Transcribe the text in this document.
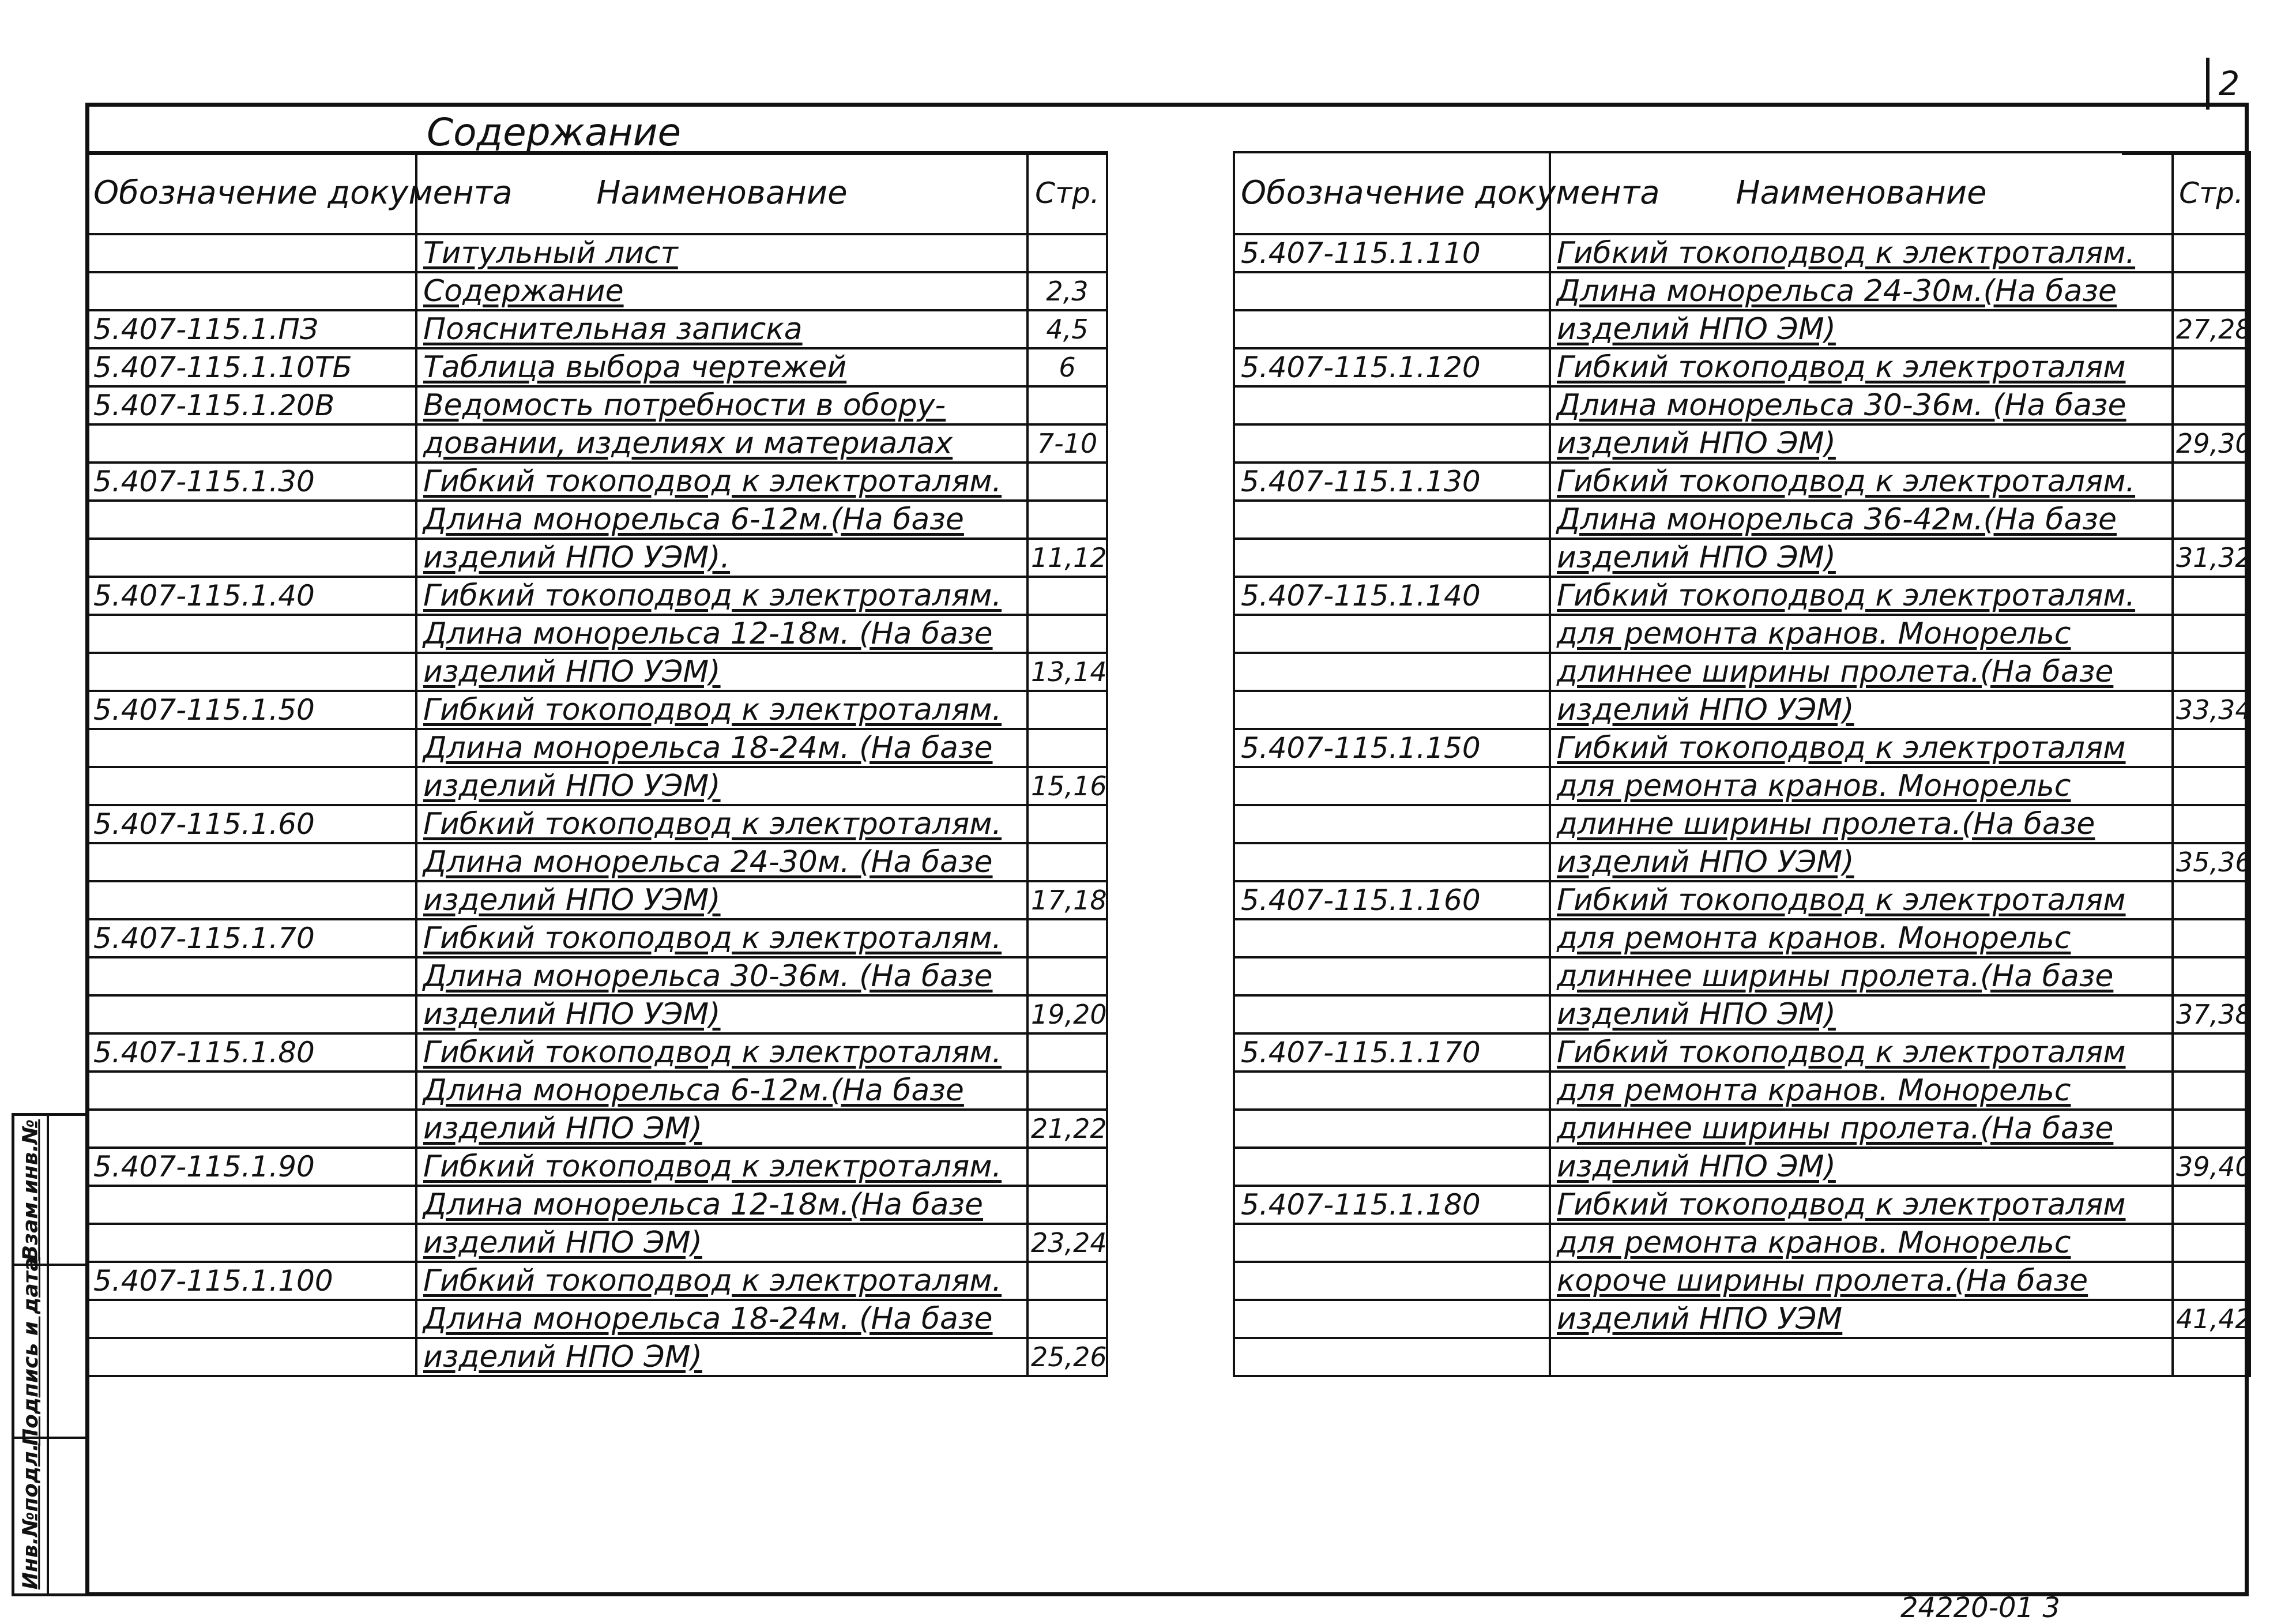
2
Содержание
Обозначение документа	Наименование	Стр.
	Титульный лист	
	Содержание	2,3
5.407-115.1.ПЗ	Пояснительная записка	4,5
5.407-115.1.10ТБ	Таблица выбора чертежей	6
5.407-115.1.20В	Ведомость потребности в обору-	
	довании, изделиях и материалах	7-10
5.407-115.1.30	Гибкий токоподвод к электроталям.	
	Длина монорельса 6-12м.(На базе	
	изделий НПО УЭМ).	11,12
5.407-115.1.40	Гибкий токоподвод к электроталям.	
	Длина монорельса 12-18м. (На базе	
	изделий НПО УЭМ)	13,14
5.407-115.1.50	Гибкий токоподвод к электроталям.	
	Длина монорельса 18-24м. (На базе	
	изделий НПО УЭМ)	15,16
5.407-115.1.60	Гибкий токоподвод к электроталям.	
	Длина монорельса 24-30м. (На базе	
	изделий НПО УЭМ)	17,18
5.407-115.1.70	Гибкий токоподвод к электроталям.	
	Длина монорельса 30-36м. (На базе	
	изделий НПО УЭМ)	19,20
5.407-115.1.80	Гибкий токоподвод к электроталям.	
	Длина монорельса 6-12м.(На базе	
	изделий НПО ЭМ)	21,22
5.407-115.1.90	Гибкий токоподвод к электроталям.	
	Длина монорельса 12-18м.(На базе	
	изделий НПО ЭМ)	23,24
5.407-115.1.100	Гибкий токоподвод к электроталям.	
	Длина монорельса 18-24м. (На базе	
	изделий НПО ЭМ)	25,26
Обозначение документа	Наименование	Стр.
5.407-115.1.110	Гибкий токоподвод к электроталям.	
	Длина монорельса 24-30м.(На базе	
	изделий НПО ЭМ)	27,28
5.407-115.1.120	Гибкий токоподвод к электроталям	
	Длина монорельса 30-36м. (На базе	
	изделий НПО ЭМ)	29,30
5.407-115.1.130	Гибкий токоподвод к электроталям.	
	Длина монорельса 36-42м.(На базе	
	изделий НПО ЭМ)	31,32
5.407-115.1.140	Гибкий токоподвод к электроталям.	
	для ремонта кранов. Монорельс	
	длиннее ширины пролета.(На базе	
	изделий НПО УЭМ)	33,34
5.407-115.1.150	Гибкий токоподвод к электроталям	
	для ремонта кранов. Монорельс	
	длинне ширины пролета.(На базе	
	изделий НПО УЭМ)	35,36
5.407-115.1.160	Гибкий токоподвод к электроталям	
	для ремонта кранов. Монорельс	
	длиннее ширины пролета.(На базе	
	изделий НПО ЭМ)	37,38
5.407-115.1.170	Гибкий токоподвод к электроталям	
	для ремонта кранов. Монорельс	
	длиннее ширины пролета.(На базе	
	изделий НПО ЭМ)	39,40
5.407-115.1.180	Гибкий токоподвод к электроталям	
	для ремонта кранов. Монорельс	
	короче ширины пролета.(На базе	
	изделий НПО УЭМ	41,42

Взам.инв.№
Подпись и дата
Инв.№подл.
24220-01 3
